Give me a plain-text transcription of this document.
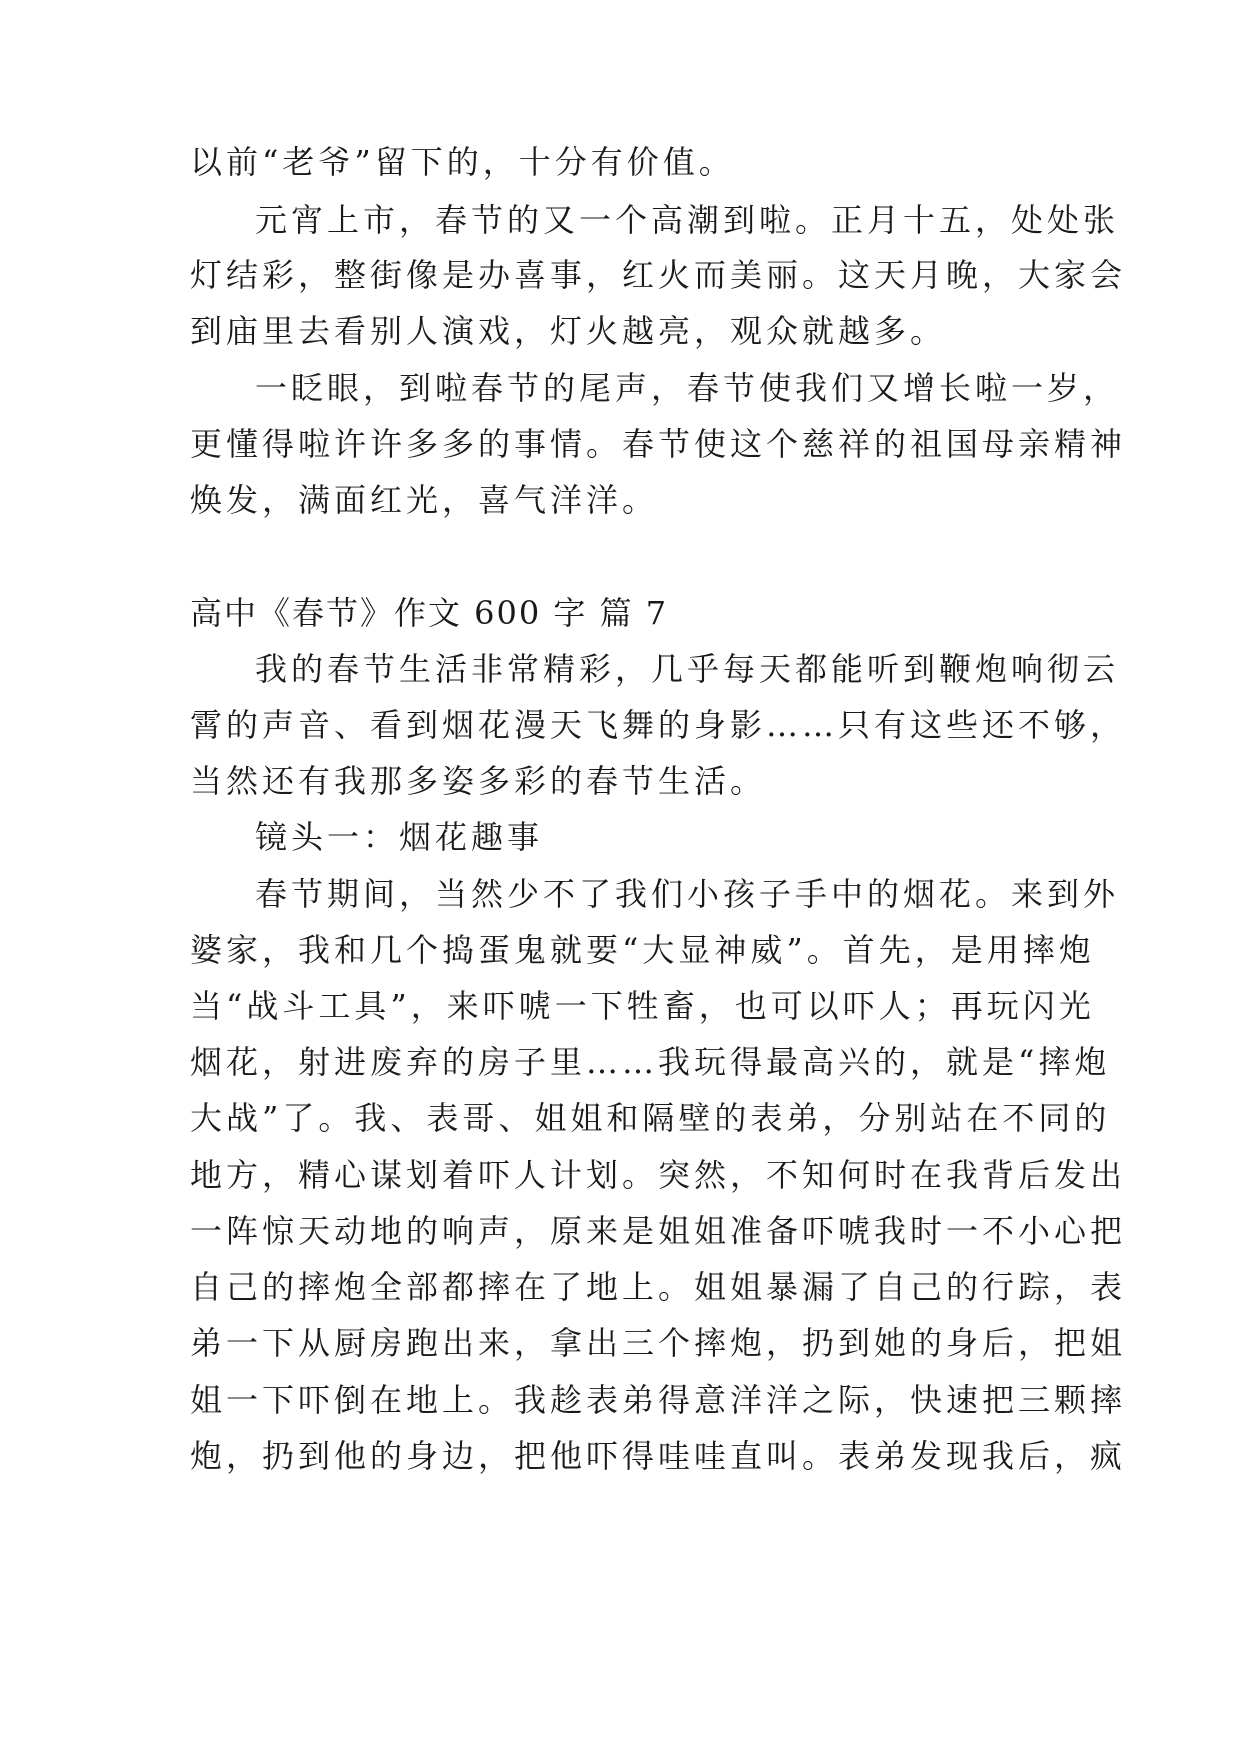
以前“老爷”留下的，十分有价值。
元宵上市，春节的又一个高潮到啦。正月十五，处处张
灯结彩，整街像是办喜事，红火而美丽。这天月晚，大家会
到庙里去看别人演戏，灯火越亮，观众就越多。
一眨眼，到啦春节的尾声，春节使我们又增长啦一岁，
更懂得啦许许多多的事情。春节使这个慈祥的祖国母亲精神
焕发，满面红光，喜气洋洋。
高中《春节》作文 600 字 篇 7
我的春节生活非常精彩，几乎每天都能听到鞭炮响彻云
霄的声音、看到烟花漫天飞舞的身影……只有这些还不够，
当然还有我那多姿多彩的春节生活。
镜头一：烟花趣事
春节期间，当然少不了我们小孩子手中的烟花。来到外
婆家，我和几个捣蛋鬼就要“大显神威”。首先，是用摔炮
当“战斗工具”，来吓唬一下牲畜，也可以吓人；再玩闪光
烟花，射进废弃的房子里……我玩得最高兴的，就是“摔炮
大战”了。我、表哥、姐姐和隔壁的表弟，分别站在不同的
地方，精心谋划着吓人计划。突然，不知何时在我背后发出
一阵惊天动地的响声，原来是姐姐准备吓唬我时一不小心把
自己的摔炮全部都摔在了地上。姐姐暴漏了自己的行踪，表
弟一下从厨房跑出来，拿出三个摔炮，扔到她的身后，把姐
姐一下吓倒在地上。我趁表弟得意洋洋之际，快速把三颗摔
炮，扔到他的身边，把他吓得哇哇直叫。表弟发现我后，疯
